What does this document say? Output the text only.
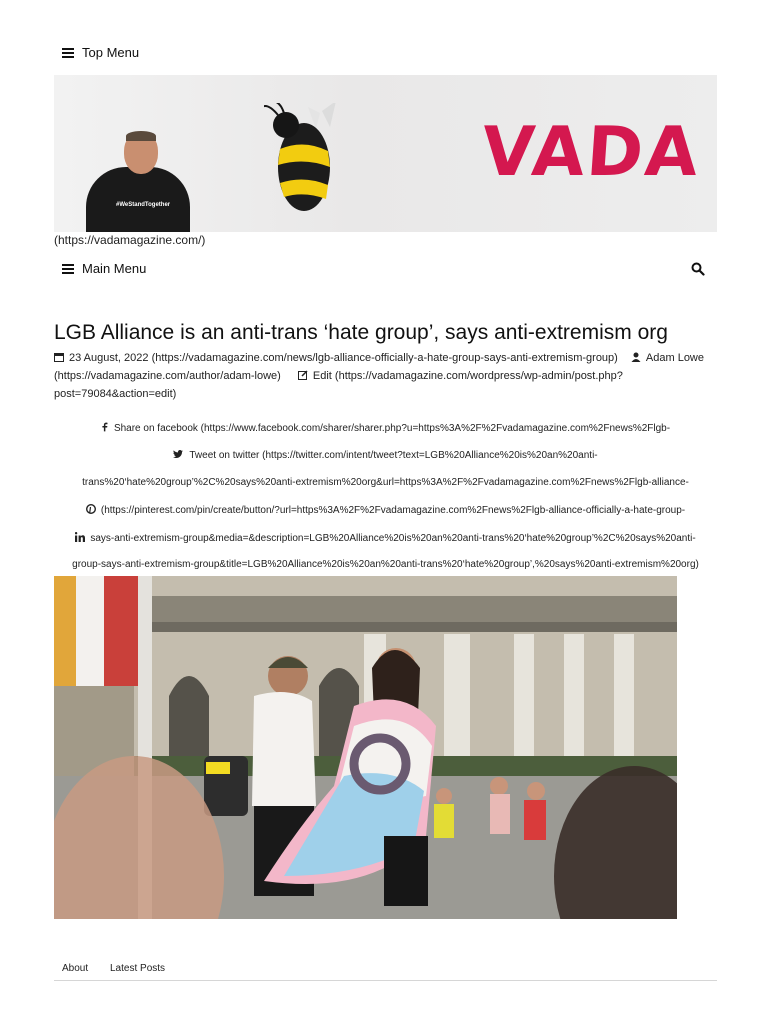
Top Menu
#WeStandTogether
VADA
(https://vadamagazine.com/)
Main Menu
LGB Alliance is an anti-trans ‘hate group’, says anti-extremism org
23 August, 2022 (https://vadamagazine.com/news/lgb-alliance-officially-a-hate-group-says-anti-extremism-group)	Adam Lowe (https://vadamagazine.com/author/adam-lowe)	Edit (https://vadamagazine.com/wordpress/wp-admin/post.php?post=79084&action=edit)
Share on facebook (https://www.facebook.com/sharer/sharer.php?u=https%3A%2F%2Fvadamagazine.com%2Fnews%2Flgb-
Tweet on twitter (https://twitter.com/intent/tweet?text=LGB%20Alliance%20is%20an%20anti-
trans%20‘hate%20group’%2C%20says%20anti-extremism%20org&url=https%3A%2F%2Fvadamagazine.com%2Fnews%2Flgb-alliance-
(https://pinterest.com/pin/create/button/?url=https%3A%2F%2Fvadamagazine.com%2Fnews%2Flgb-alliance-officially-a-hate-group-
says-anti-extremism-group&media=&description=LGB%20Alliance%20is%20an%20anti-trans%20‘hate%20group’%2C%20says%20anti-
group-says-anti-extremism-group&title=LGB%20Alliance%20is%20an%20anti-trans%20‘hate%20group’,%20says%20anti-extremism%20org)
About Latest Posts
